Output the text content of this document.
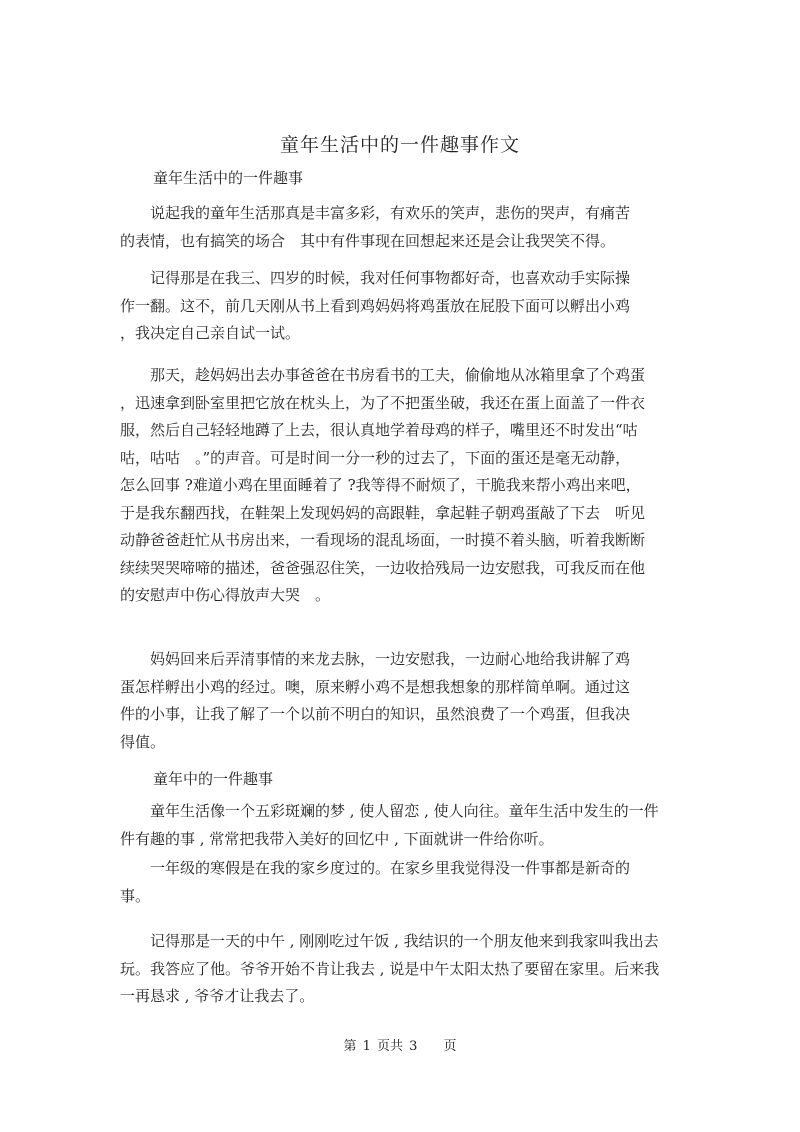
童年生活中的一件趣事作文
童年生活中的一件趣事
　　说起我的童年生活那真是丰富多彩，有欢乐的笑声，悲伤的哭声，有痛苦
的表情，也有搞笑的场合　其中有件事现在回想起来还是会让我哭笑不得。
　　记得那是在我三、四岁的时候，我对任何事物都好奇，也喜欢动手实际操
作一翻。这不，前几天刚从书上看到鸡妈妈将鸡蛋放在屁股下面可以孵出小鸡
，我决定自己亲自试一试。
　　那天，趁妈妈出去办事爸爸在书房看书的工夫，偷偷地从冰箱里拿了个鸡蛋
，迅速拿到卧室里把它放在枕头上，为了不把蛋坐破，我还在蛋上面盖了一件衣
服，然后自己轻轻地蹲了上去，很认真地学着母鸡的样子，嘴里还不时发出“咕
咕，咕咕　。”的声音。可是时间一分一秒的过去了，下面的蛋还是毫无动静，
怎么回事 ?难道小鸡在里面睡着了 ?我等得不耐烦了，干脆我来帮小鸡出来吧，
于是我东翻西找，在鞋架上发现妈妈的高跟鞋，拿起鞋子朝鸡蛋敲了下去　听见
动静爸爸赶忙从书房出来，一看现场的混乱场面，一时摸不着头脑，听着我断断
续续哭哭啼啼的描述，爸爸强忍住笑，一边收拾残局一边安慰我，可我反而在他
的安慰声中伤心得放声大哭　。
　　妈妈回来后弄清事情的来龙去脉，一边安慰我，一边耐心地给我讲解了鸡
蛋怎样孵出小鸡的经过。噢，原来孵小鸡不是想我想象的那样简单啊。通过这
件的小事，让我了解了一个以前不明白的知识，虽然浪费了一个鸡蛋，但我决
得值。
童年中的一件趣事
　　童年生活像一个五彩斑斓的梦 , 使人留恋 , 使人向往。童年生活中发生的一件
件有趣的事 , 常常把我带入美好的回忆中 , 下面就讲一件给你听。
　　一年级的寒假是在我的家乡度过的。在家乡里我觉得没一件事都是新奇的
事。
　　记得那是一天的中午 , 刚刚吃过午饭 , 我结识的一个朋友他来到我家叫我出去
玩。我答应了他。爷爷开始不肯让我去 , 说是中午太阳太热了要留在家里。后来我
一再恳求 , 爷爷才让我去了。
第 1 页共 3　　页
